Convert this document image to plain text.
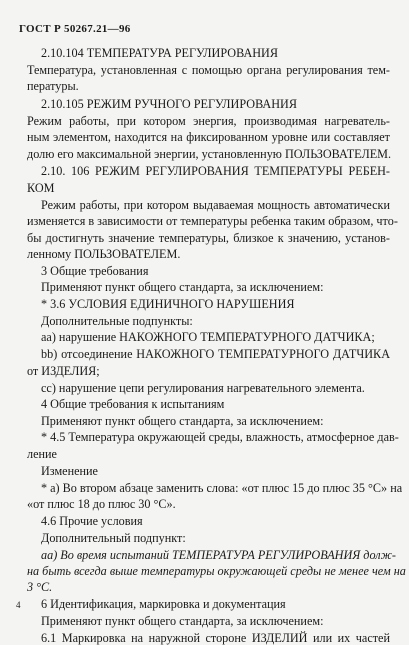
ГОСТ Р 50267.21—96
2.10.104 ТЕМПЕРАТУРА РЕГУЛИРОВАНИЯ
Температура, установленная с помощью органа регулирования тем-
пературы.
2.10.105 РЕЖИМ РУЧНОГО РЕГУЛИРОВАНИЯ
Режим работы, при котором энергия, производимая нагреватель-
ным элементом, находится на фиксированном уровне или составляет
долю его максимальной энергии, установленную ПОЛЬЗОВАТЕЛЕМ.
2.10. 106 РЕЖИМ РЕГУЛИРОВАНИЯ ТЕМПЕРАТУРЫ РЕБЕН-
КОМ
Режим работы, при котором выдаваемая мощность автоматически
изменяется в зависимости от температуры ребенка таким образом, что-
бы достигнуть значение температуры, близкое к значению, установ-
ленному ПОЛЬЗОВАТЕЛЕМ.
3 Общие требования
Применяют пункт общего стандарта, за исключением:
* 3.6 УСЛОВИЯ ЕДИНИЧНОГО НАРУШЕНИЯ
Дополнительные подпункты:
aa) нарушение НАКОЖНОГО ТЕМПЕРАТУРНОГО ДАТЧИКА;
bb) отсоединение НАКОЖНОГО ТЕМПЕРАТУРНОГО ДАТЧИКА
от ИЗДЕЛИЯ;
cc) нарушение цепи регулирования нагревательного элемента.
4 Общие требования к испытаниям
Применяют пункт общего стандарта, за исключением:
* 4.5 Температура окружающей среды, влажность, атмосферное дав-
ление
Изменение
* а) Во втором абзаце заменить слова: «от плюс 15 до плюс 35 °С» на
«от плюс 18 до плюс 30 °С».
4.6 Прочие условия
Дополнительный подпункт:
аа) Во время испытаний ТЕМПЕРАТУРА РЕГУЛИРОВАНИЯ долж-
на быть всегда выше температуры окружающей среды не менее чем на
3 °С.
6 Идентификация, маркировка и документация
Применяют пункт общего стандарта, за исключением:
6.1 Маркировка на наружной стороне ИЗДЕЛИЙ или их частей
4
